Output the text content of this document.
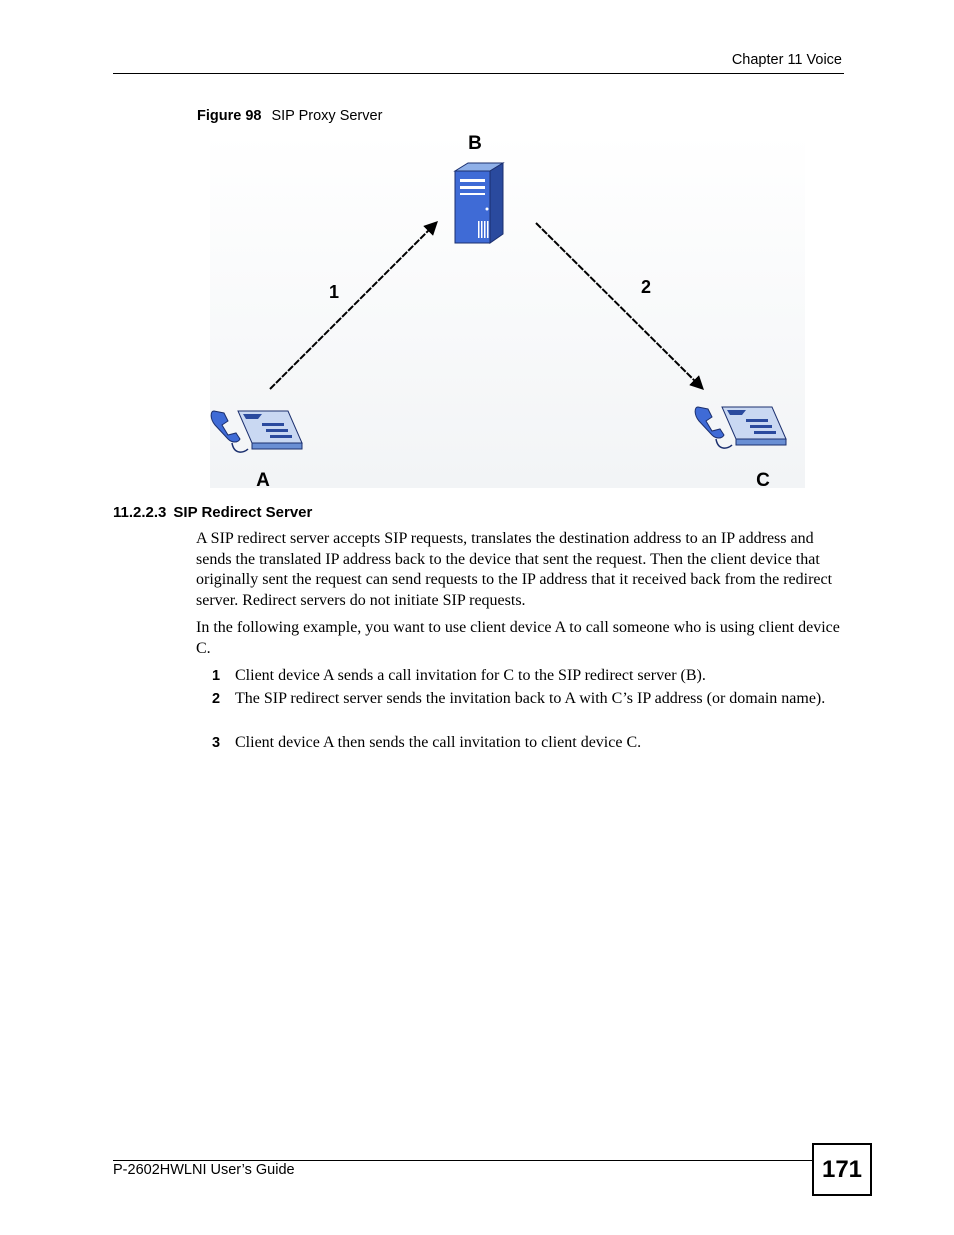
Chapter 11 Voice
Figure 98 SIP Proxy Server
B
1	2
A	C
11.2.2.3 SIP Redirect Server

A SIP redirect server accepts SIP requests, translates the destination address to an IP address and sends the translated IP address back to the device that sent the request. Then the client device that originally sent the request can send requests to the IP address that it received back from the redirect server. Redirect servers do not initiate SIP requests.

In the following example, you want to use client device A to call someone who is using client device C.

1 Client device A sends a call invitation for C to the SIP redirect server (B).
2 The SIP redirect server sends the invitation back to A with C’s IP address (or domain name).
3 Client device A then sends the call invitation to client device C.
P-2602HWLNI User’s Guide	171
